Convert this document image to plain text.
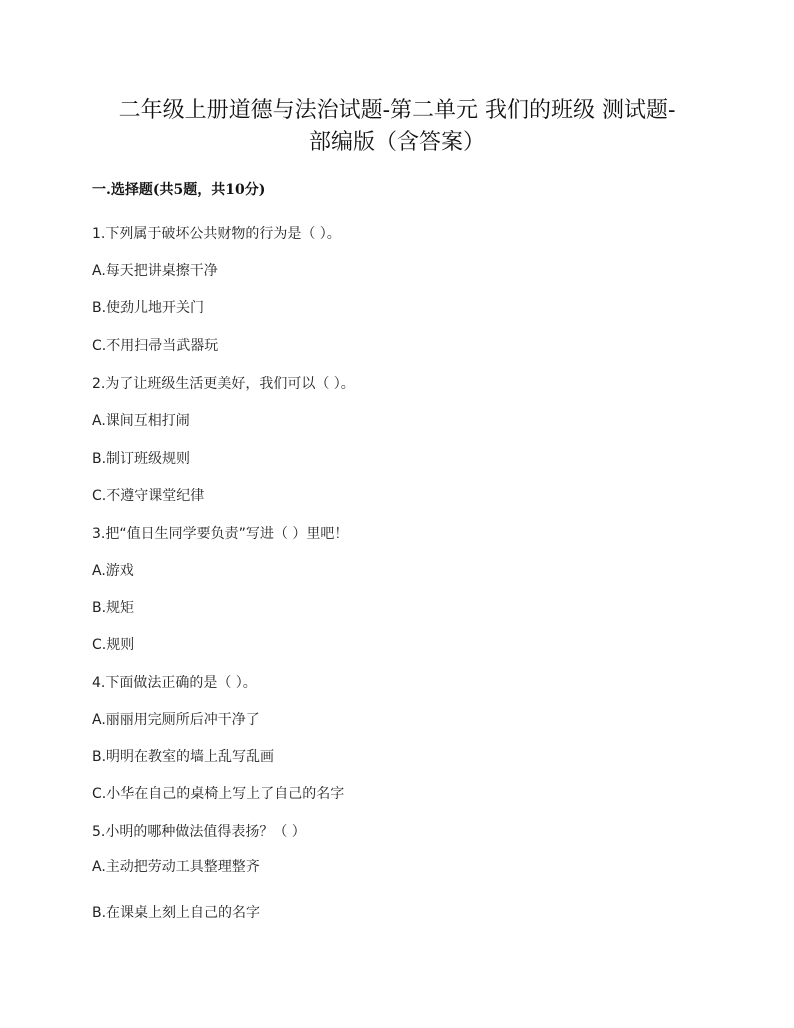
二年级上册道德与法治试题-第二单元 我们的班级 测试题-
部编版（含答案）
一.选择题(共5题，共10分)
1.下列属于破坏公共财物的行为是（ ）。
A.每天把讲桌擦干净
B.使劲儿地开关门
C.不用扫帚当武器玩
2.为了让班级生活更美好，我们可以（ ）。
A.课间互相打闹
B.制订班级规则
C.不遵守课堂纪律
3.把“值日生同学要负责”写进（ ）里吧！
A.游戏
B.规矩
C.规则
4.下面做法正确的是（ ）。
A.丽丽用完厕所后冲干净了
B.明明在教室的墙上乱写乱画
C.小华在自己的桌椅上写上了自己的名字
5.小明的哪种做法值得表扬？（ ）
A.主动把劳动工具整理整齐
B.在课桌上刻上自己的名字
